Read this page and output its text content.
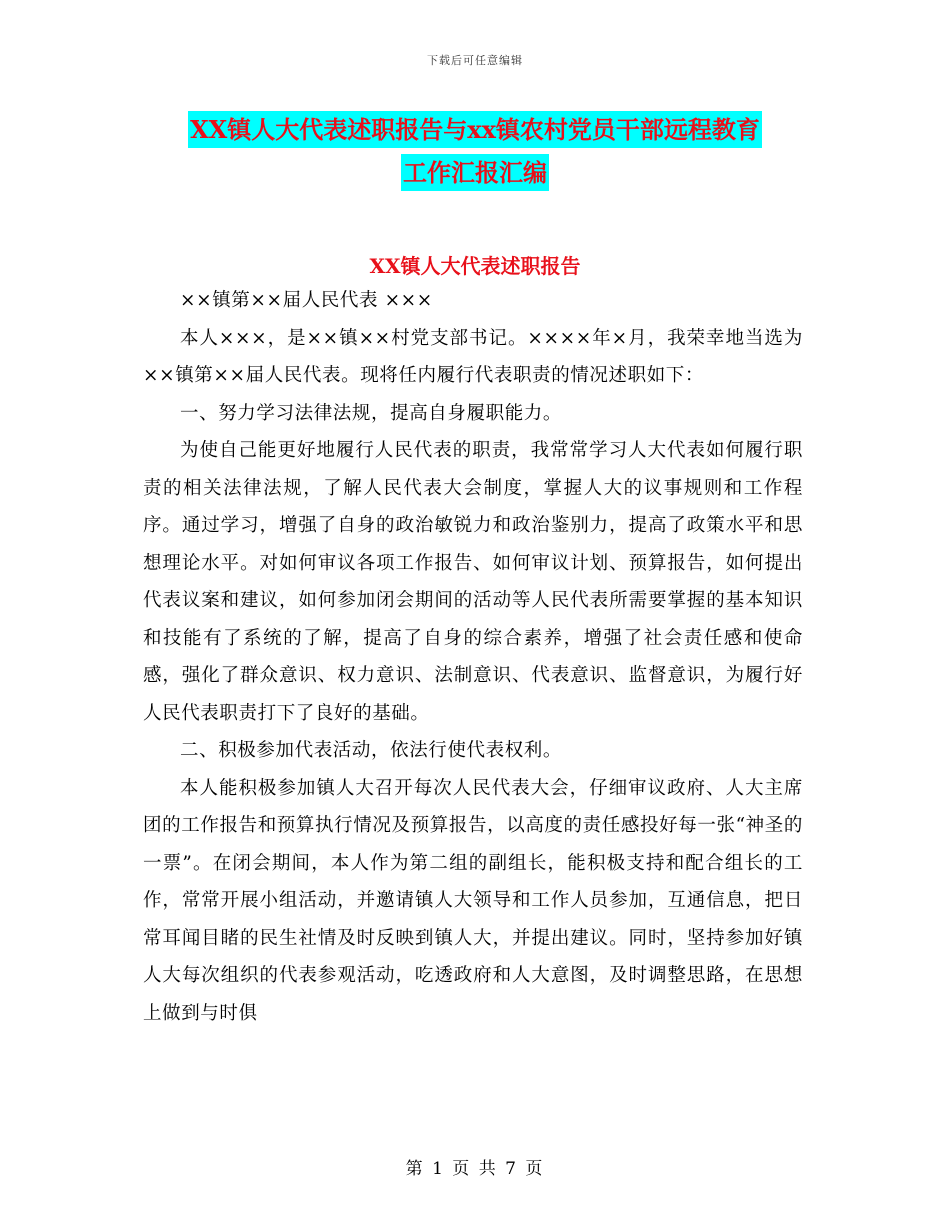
下载后可任意编辑
XX镇人大代表述职报告与xx镇农村党员干部远程教育
工作汇报汇编
XX镇人大代表述职报告

××镇第××届人民代表 ×××

本人×××，是××镇××村党支部书记。××××年×月，我荣幸地当选为××镇第××届人民代表。现将任内履行代表职责的情况述职如下：

一、努力学习法律法规，提高自身履职能力。

为使自己能更好地履行人民代表的职责，我常常学习人大代表如何履行职责的相关法律法规，了解人民代表大会制度，掌握人大的议事规则和工作程序。通过学习，增强了自身的政治敏锐力和政治鉴别力，提高了政策水平和思想理论水平。对如何审议各项工作报告、如何审议计划、预算报告，如何提出代表议案和建议，如何参加闭会期间的活动等人民代表所需要掌握的基本知识和技能有了系统的了解，提高了自身的综合素养，增强了社会责任感和使命感，强化了群众意识、权力意识、法制意识、代表意识、监督意识，为履行好人民代表职责打下了良好的基础。

二、积极参加代表活动，依法行使代表权利。

本人能积极参加镇人大召开每次人民代表大会，仔细审议政府、人大主席团的工作报告和预算执行情况及预算报告，以高度的责任感投好每一张“神圣的一票”。在闭会期间，本人作为第二组的副组长，能积极支持和配合组长的工作，常常开展小组活动，并邀请镇人大领导和工作人员参加，互通信息，把日常耳闻目睹的民生社情及时反映到镇人大，并提出建议。同时，坚持参加好镇人大每次组织的代表参观活动，吃透政府和人大意图，及时调整思路，在思想上做到与时俱

第 1 页 共 7 页
